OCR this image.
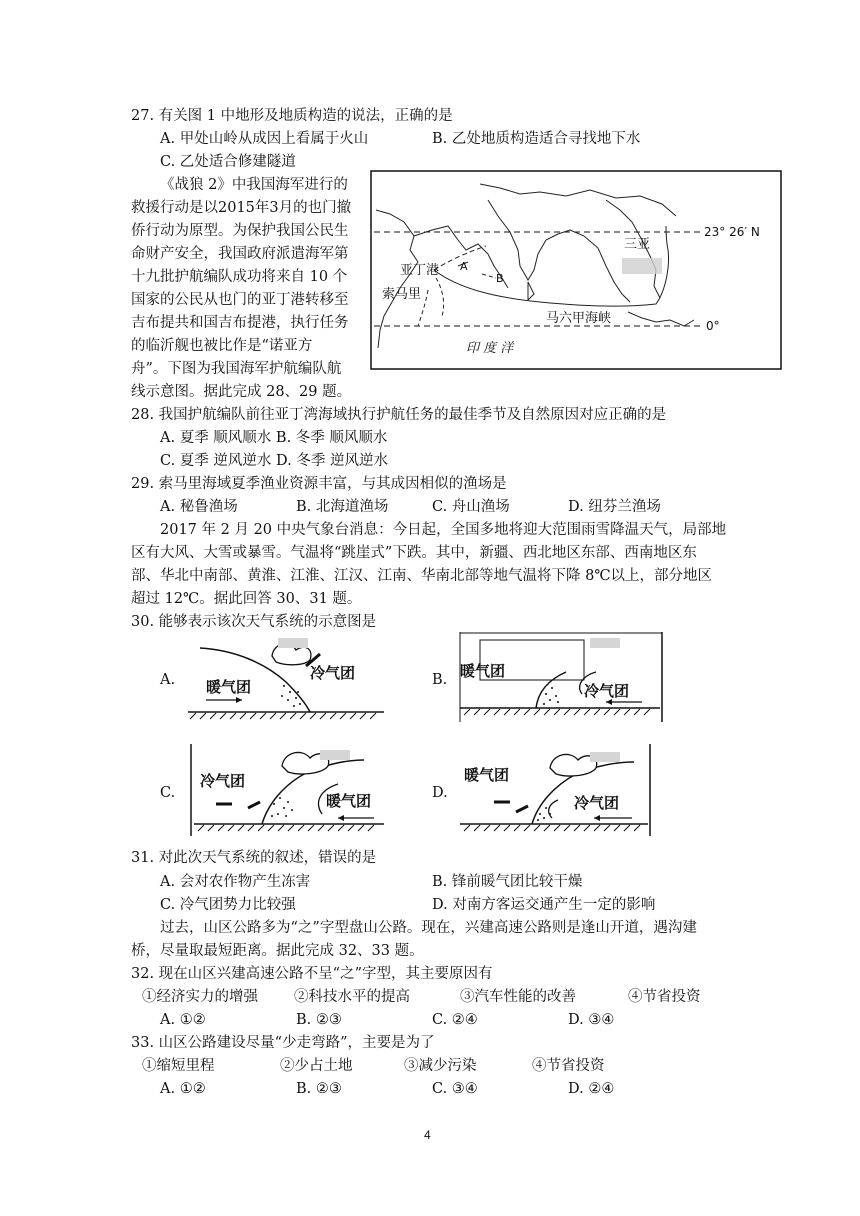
27. 有关图 1 中地形及地质构造的说法，正确的是
A. 甲处山岭从成因上看属于火山	B. 乙处地质构造适合寻找地下水
C. 乙处适合修建隧道
《战狼 2》中我国海军进行的
救援行动是以2015年3月的也门撤
侨行动为原型。为保护我国公民生
命财产安全，我国政府派遣海军第
十九批护航编队成功将来自 10 个
国家的公民从也门的亚丁港转移至
吉布提共和国吉布提港，执行任务
的临沂舰也被比作是“诺亚方
舟”。下图为我国海军护航编队航
线示意图。据此完成 28、29 题。
23° 26′ N
0°
三亚
亚丁港
索马里
马六甲海峡
印 度 洋
A
B
28. 我国护航编队前往亚丁湾海域执行护航任务的最佳季节及自然原因对应正确的是
A. 夏季 顺风顺水 B. 冬季 顺风顺水
C. 夏季 逆风逆水 D. 冬季 逆风逆水
29. 索马里海域夏季渔业资源丰富，与其成因相似的渔场是
A. 秘鲁渔场	B. 北海道渔场	C. 舟山渔场	D. 纽芬兰渔场
2017 年 2 月 20 中央气象台消息：今日起，全国多地将迎大范围雨雪降温天气，局部地
区有大风、大雪或暴雪。气温将“跳崖式”下跌。其中，新疆、西北地区东部、西南地区东
部、华北中南部、黄淮、江淮、江汉、江南、华南北部等地气温将下降 8℃以上，部分地区
超过 12℃。据此回答 30、31 题。
30. 能够表示该次天气系统的示意图是
A. 暖气团
冷气团	B.
冷气团
暖气团
C.
冷气团
暖气团	D.
暖气团
冷气团
31. 对此次天气系统的叙述，错误的是
A. 会对农作物产生冻害	B. 锋前暖气团比较干燥
C. 冷气团势力比较强	D. 对南方客运交通产生一定的影响
过去，山区公路多为“之”字型盘山公路。现在，兴建高速公路则是逢山开道，遇沟建
桥，尽量取最短距离。据此完成 32、33 题。
32. 现在山区兴建高速公路不呈“之”字型，其主要原因有
①经济实力的增强 ②科技水平的提高	③汽车性能的改善	④节省投资
A. ①②	B. ②③	C. ②④	D. ③④
33. 山区公路建设尽量“少走弯路”，主要是为了
①缩短里程	②少占土地	③减少污染	④节省投资
A. ①②	B. ②③	C. ③④	D. ②④
4
